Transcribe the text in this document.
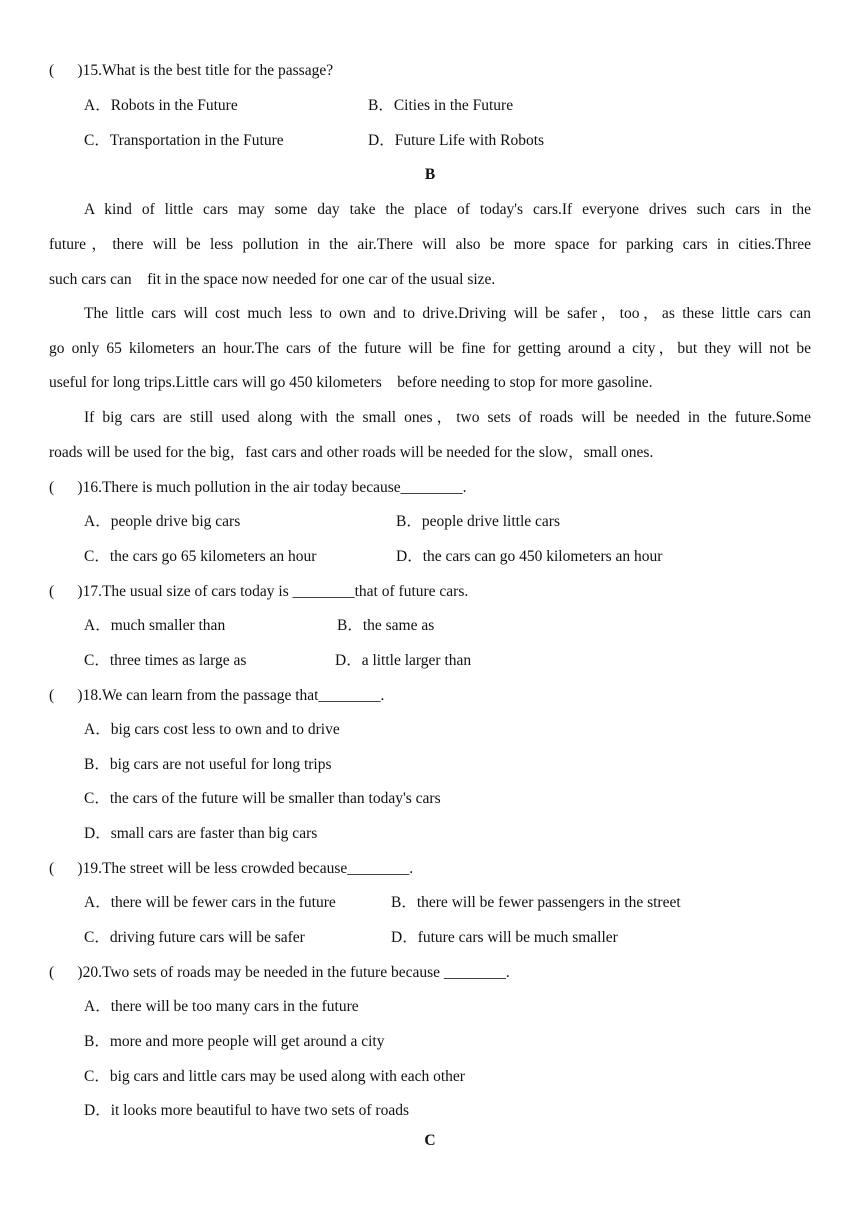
(      )15.What is the best title for the passage?
A．Robots in the Future	B．Cities in the Future
C．Transportation in the Future	D．Future Life with Robots
B
A kind of little cars may some day take the place of today's cars.If everyone drives such cars in the
future，there will be less pollution in the air.There will also be more space for parking cars in cities.Three
such cars can    fit in the space now needed for one car of the usual size.
The little cars will cost much less to own and to drive.Driving will be safer，too，as these little cars can
go only 65 kilometers an hour.The cars of the future will be fine for getting around a city，but they will not be
useful for long trips.Little cars will go 450 kilometers    before needing to stop for more gasoline.
If big cars are still used along with the small ones，two sets of roads will be needed in the future.Some
roads will be used for the big，fast cars and other roads will be needed for the slow，small ones.
(      )16.There is much pollution in the air today because________.
A．people drive big cars	B．people drive little cars
C．the cars go 65 kilometers an hour	D．the cars can go 450 kilometers an hour
(      )17.The usual size of cars today is ________that of future cars.
A．much smaller than	B．the same as
C．three times as large as	D．a little larger than
(      )18.We can learn from the passage that________.
A．big cars cost less to own and to drive
B．big cars are not useful for long trips
C．the cars of the future will be smaller than today's cars
D．small cars are faster than big cars
(      )19.The street will be less crowded because________.
A．there will be fewer cars in the future	B．there will be fewer passengers in the street
C．driving future cars will be safer	D．future cars will be much smaller
(      )20.Two sets of roads may be needed in the future because ________.
A．there will be too many cars in the future
B．more and more people will get around a city
C．big cars and little cars may be used along with each other
D．it looks more beautiful to have two sets of roads
C
